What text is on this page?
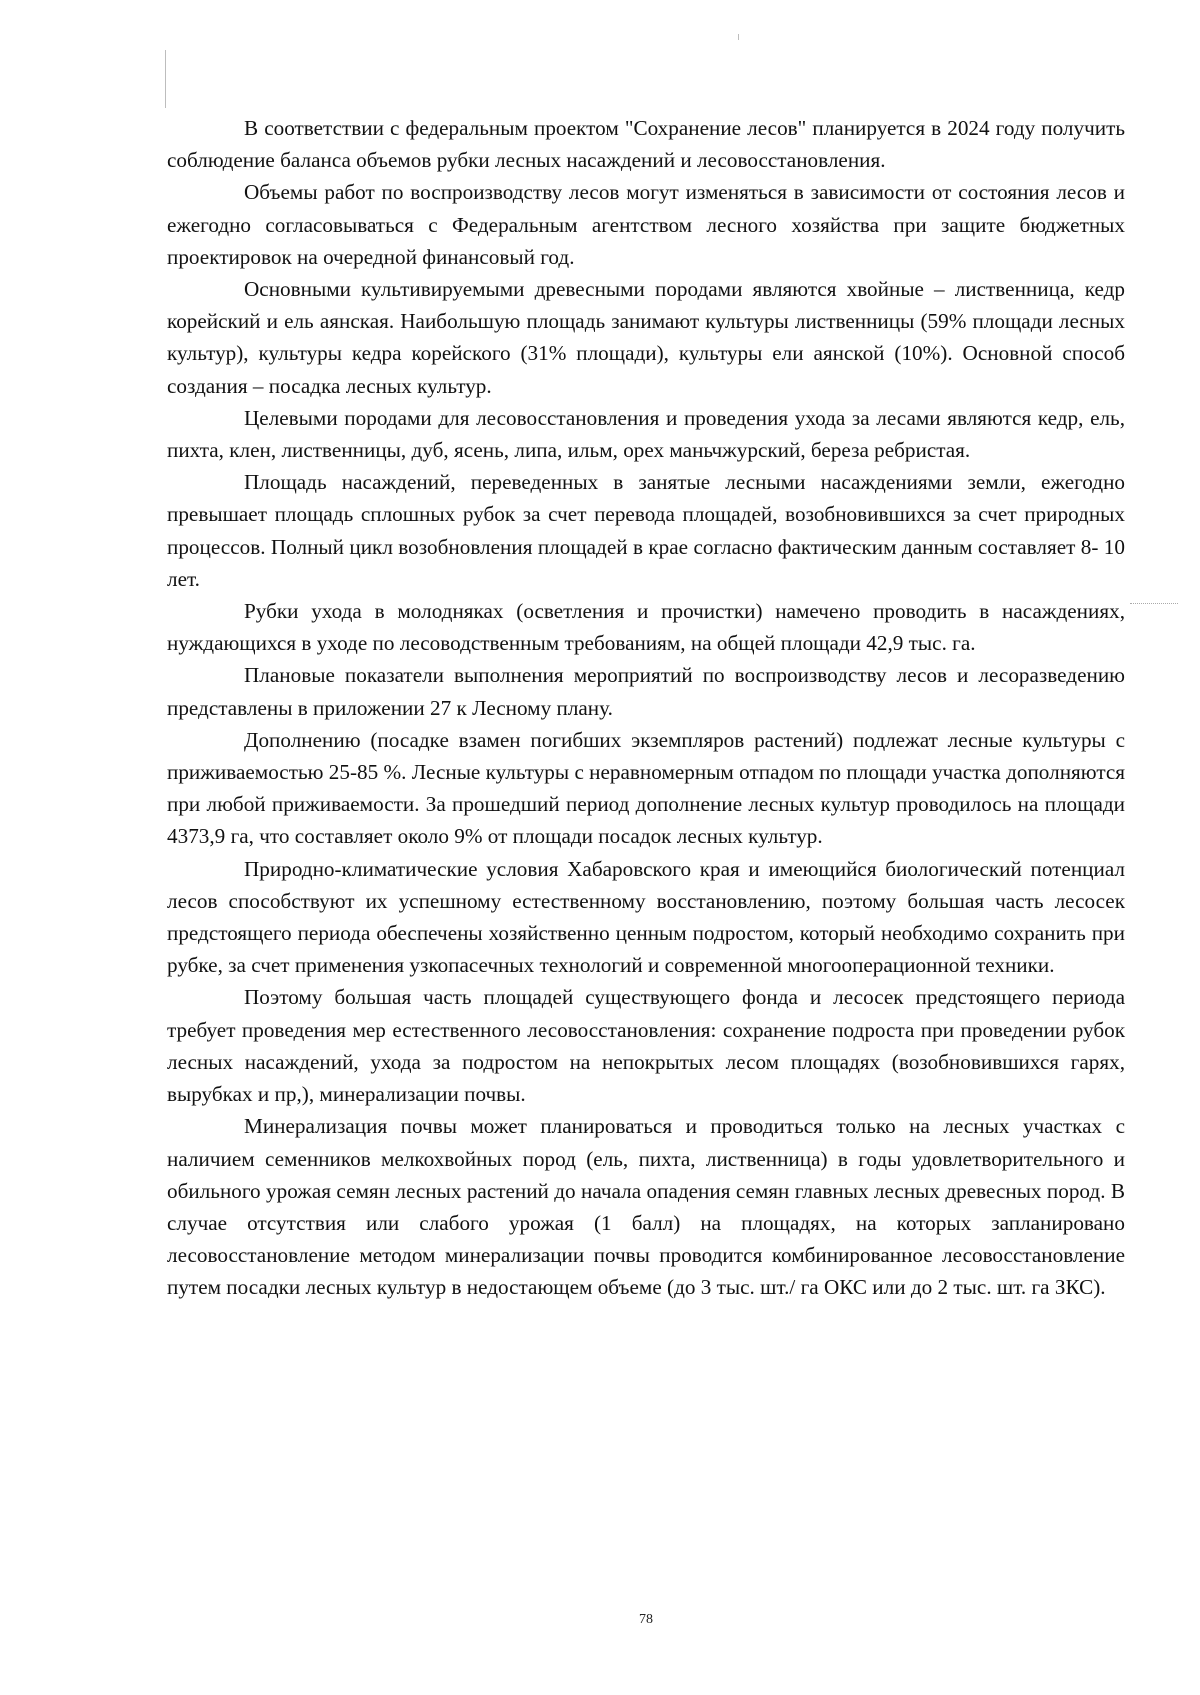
В соответствии с федеральным проектом "Сохранение лесов" планируется в 2024 году получить соблюдение баланса объемов рубки лесных насаждений и лесовосстановления.

Объемы работ по воспроизводству лесов могут изменяться в зависимости от состояния лесов и ежегодно согласовываться с Федеральным агентством лесного хозяйства при защите бюджетных проектировок на очередной финансовый год.

Основными культивируемыми древесными породами являются хвойные – лиственница, кедр корейский и ель аянская. Наибольшую площадь занимают культуры лиственницы (59% площади лесных культур), культуры кедра корейского (31% площади), культуры ели аянской (10%). Основной способ создания – посадка лесных культур.

Целевыми породами для лесовосстановления и проведения ухода за лесами являются кедр, ель, пихта, клен, лиственницы, дуб, ясень, липа, ильм, орех маньчжурский, береза ребристая.

Площадь насаждений, переведенных в занятые лесными насаждениями земли, ежегодно превышает площадь сплошных рубок за счет перевода площадей, возобновившихся за счет природных процессов. Полный цикл возобновления площадей в крае согласно фактическим данным составляет 8- 10 лет.

Рубки ухода в молодняках (осветления и прочистки) намечено проводить в насаждениях, нуждающихся в уходе по лесоводственным требованиям, на общей площади 42,9 тыс. га.

Плановые показатели выполнения мероприятий по воспроизводству лесов и лесоразведению представлены в приложении 27 к Лесному плану.

Дополнению (посадке взамен погибших экземпляров растений) подлежат лесные культуры с приживаемостью 25-85 %. Лесные культуры с неравномерным отпадом по площади участка дополняются при любой приживаемости. За прошедший период дополнение лесных культур проводилось на площади 4373,9 га, что составляет около 9% от площади посадок лесных культур.

Природно-климатические условия Хабаровского края и имеющийся биологический потенциал лесов способствуют их успешному естественному восстановлению, поэтому большая часть лесосек предстоящего периода обеспечены хозяйственно ценным подростом, который необходимо сохранить при рубке, за счет применения узкопасечных технологий и современной многооперационной техники.

Поэтому большая часть площадей существующего фонда и лесосек предстоящего периода требует проведения мер естественного лесовосстановления: сохранение подроста при проведении рубок лесных насаждений, ухода за подростом на непокрытых лесом площадях (возобновившихся гарях, вырубках и пр,), минерализации почвы.

Минерализация почвы может планироваться и проводиться только на лесных участках с наличием семенников мелкохвойных пород (ель, пихта, лиственница) в годы удовлетворительного и обильного урожая семян лесных растений до начала опадения семян главных лесных древесных пород. В случае отсутствия или слабого урожая (1 балл) на площадях, на которых запланировано лесовосстановление методом минерализации почвы проводится комбинированное лесовосстановление путем посадки лесных культур в недостающем объеме (до 3 тыс. шт./ га ОКС или до 2 тыс. шт. га ЗКС).

78
